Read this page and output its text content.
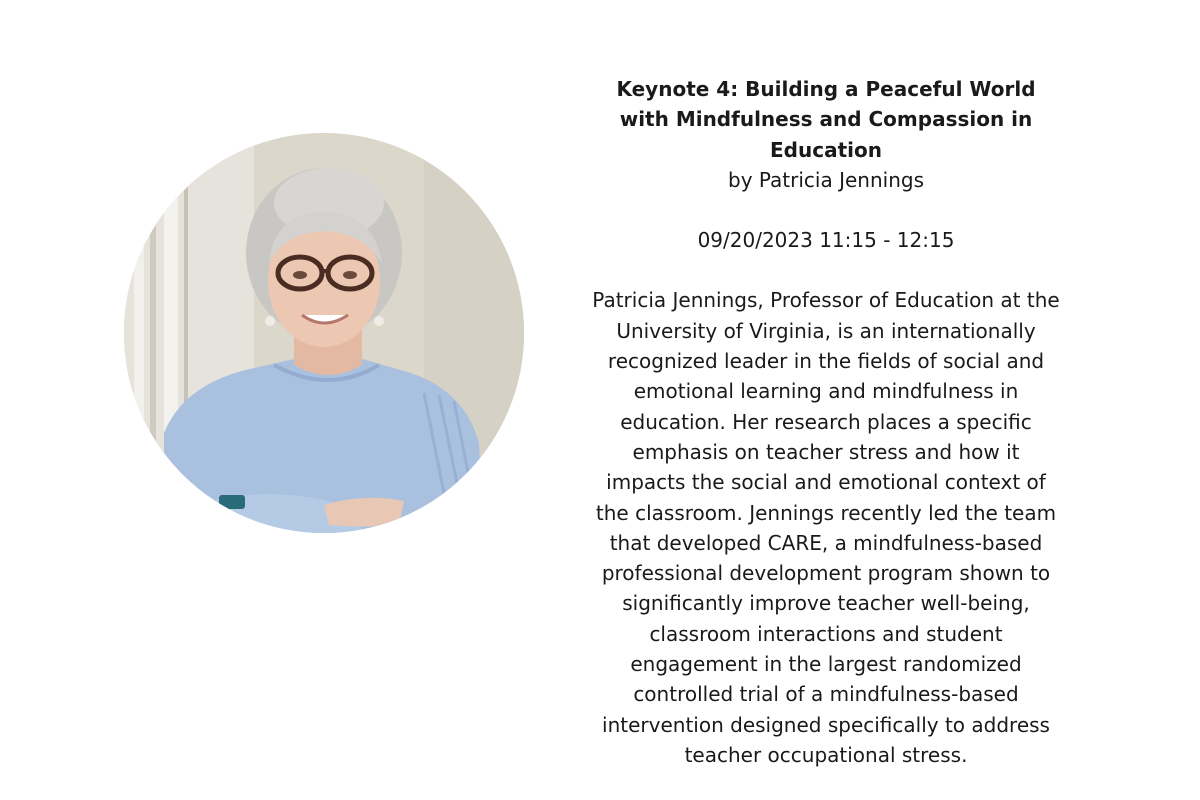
Keynote 4: Building a Peaceful World with Mindfulness and Compassion in Education

by Patricia Jennings

09/20/2023 11:15 - 12:15

Patricia Jennings, Professor of Education at the University of Virginia, is an internationally recognized leader in the fields of social and emotional learning and mindfulness in education. Her research places a specific emphasis on teacher stress and how it impacts the social and emotional context of the classroom. Jennings recently led the team that developed CARE, a mindfulness-based professional development program shown to significantly improve teacher well-being, classroom interactions and student engagement in the largest randomized controlled trial of a mindfulness-based intervention designed specifically to address teacher occupational stress.
